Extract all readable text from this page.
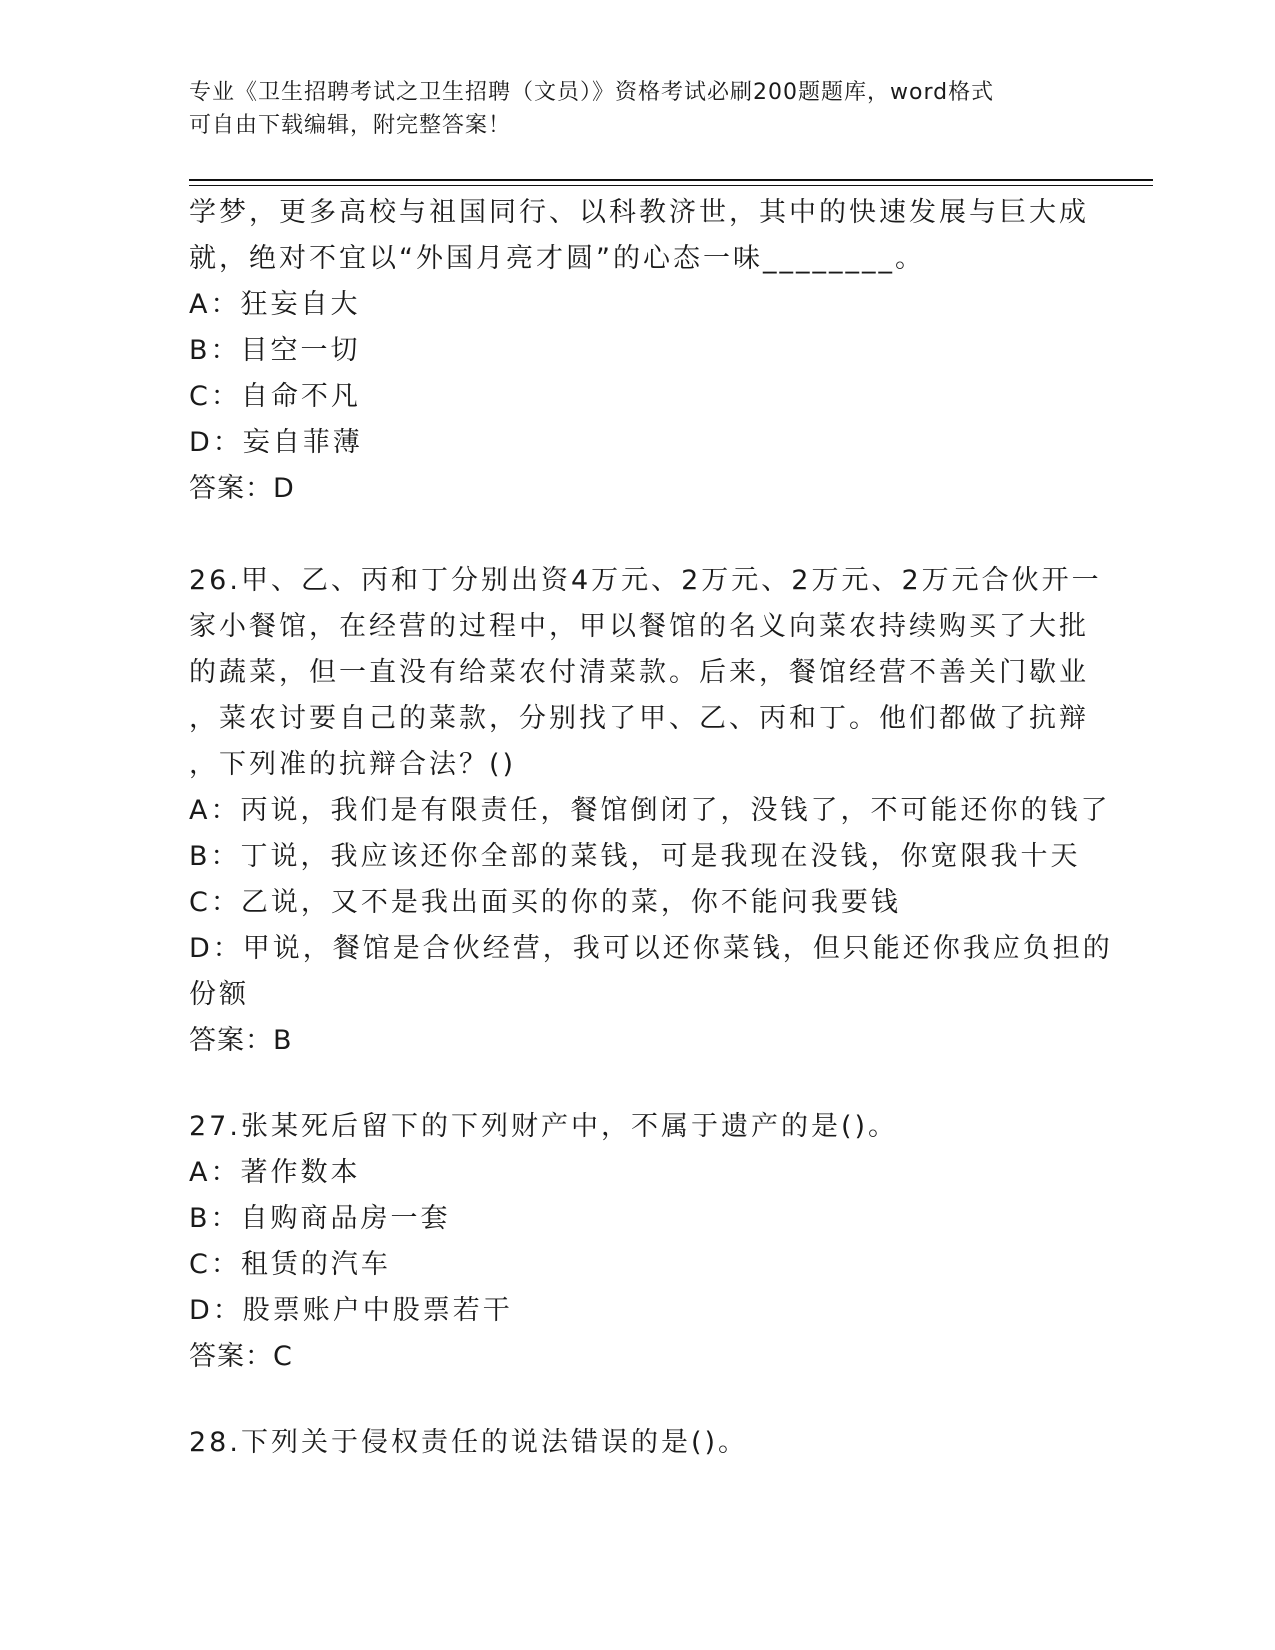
专业《卫生招聘考试之卫生招聘（文员）》资格考试必刷200题题库，word格式
可自由下载编辑，附完整答案！
学梦，更多高校与祖国同行、以科教济世，其中的快速发展与巨大成
就，绝对不宜以“外国月亮才圆”的心态一味________。
A：狂妄自大
B：目空一切
C：自命不凡
D：妄自菲薄
答案：D
26.甲、乙、丙和丁分别出资4万元、2万元、2万元、2万元合伙开一
家小餐馆，在经营的过程中，甲以餐馆的名义向菜农持续购买了大批
的蔬菜，但一直没有给菜农付清菜款。后来，餐馆经营不善关门歇业
，菜农讨要自己的菜款，分别找了甲、乙、丙和丁。他们都做了抗辩
，下列准的抗辩合法？()
A：丙说，我们是有限责任，餐馆倒闭了，没钱了，不可能还你的钱了
B：丁说，我应该还你全部的菜钱，可是我现在没钱，你宽限我十天
C：乙说，又不是我出面买的你的菜，你不能问我要钱
D：甲说，餐馆是合伙经营，我可以还你菜钱，但只能还你我应负担的
份额
答案：B
27.张某死后留下的下列财产中，不属于遗产的是()。
A：著作数本
B：自购商品房一套
C：租赁的汽车
D：股票账户中股票若干
答案：C
28.下列关于侵权责任的说法错误的是()。
